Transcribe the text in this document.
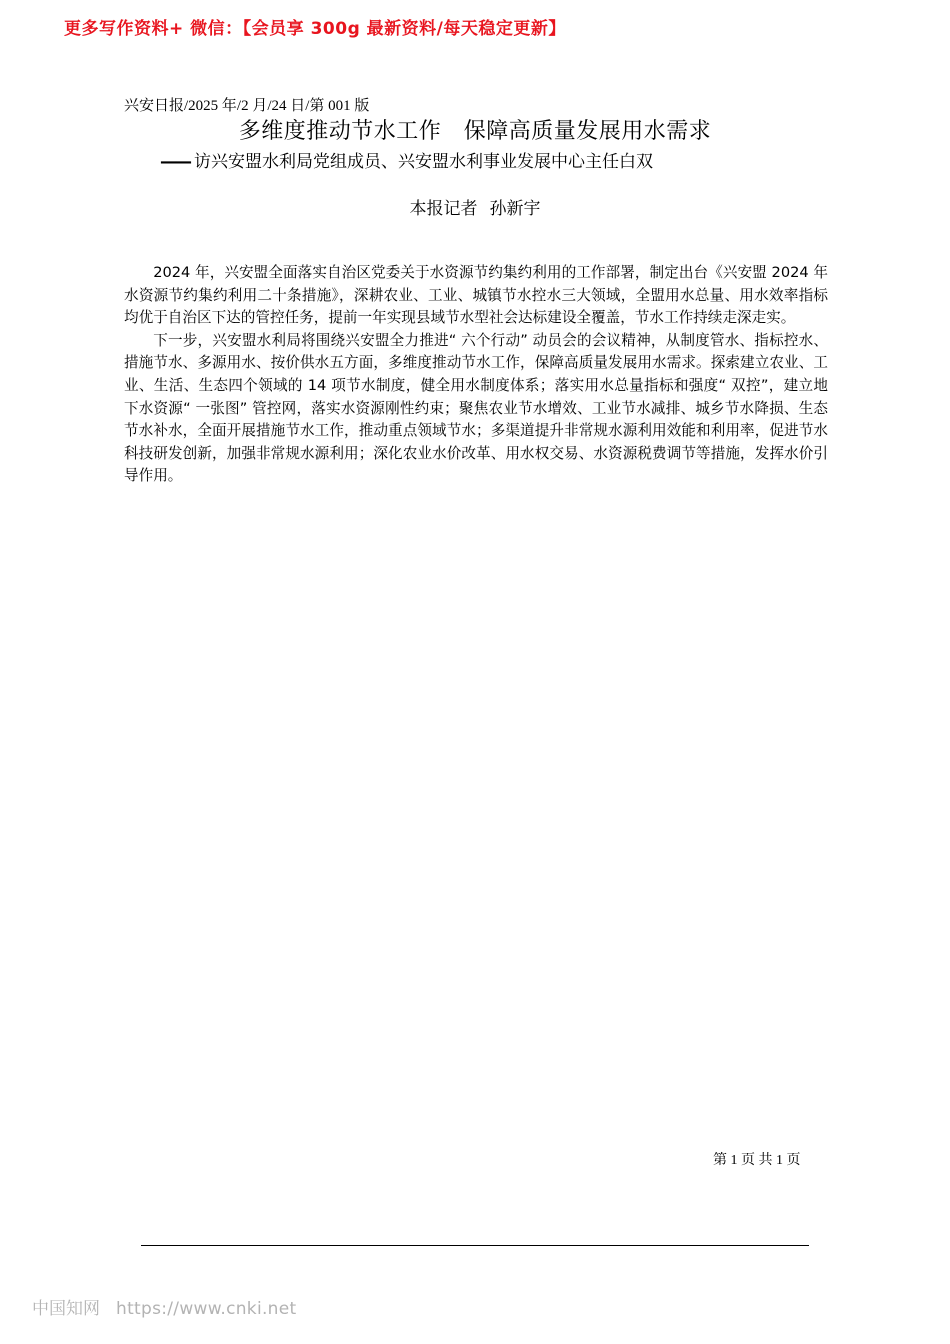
更多写作资料+ 微信：【会员享 300g 最新资料/每天稳定更新】
兴安日报/2025 年/2 月/24 日/第 001 版
多维度推动节水工作　保障高质量发展用水需求
—— 访兴安盟水利局党组成员、兴安盟水利事业发展中心主任白双
本报记者 孙新宇

2024 年，兴安盟全面落实自治区党委关于水资源节约集约利用的工作部署，制定出台《兴安盟 2024 年水资源节约集约利用二十条措施》，深耕农业、工业、城镇节水控水三大领域，全盟用水总量、用水效率指标均优于自治区下达的管控任务，提前一年实现县域节水型社会达标建设全覆盖，节水工作持续走深走实。

下一步，兴安盟水利局将围绕兴安盟全力推进“ 六个行动” 动员会的会议精神，从制度管水、指标控水、措施节水、多源用水、按价供水五方面，多维度推动节水工作，保障高质量发展用水需求。探索建立农业、工业、生活、生态四个领域的 14 项节水制度，健全用水制度体系；落实用水总量指标和强度“ 双控”，建立地下水资源“ 一张图” 管控网，落实水资源刚性约束；聚焦农业节水增效、工业节水减排、城乡节水降损、生态节水补水，全面开展措施节水工作，推动重点领域节水；多渠道提升非常规水源利用效能和利用率，促进节水科技研发创新，加强非常规水源利用；深化农业水价改革、用水权交易、水资源税费调节等措施，发挥水价引导作用。

第 1 页 共 1 页
中国知网 https://www.cnki.net
